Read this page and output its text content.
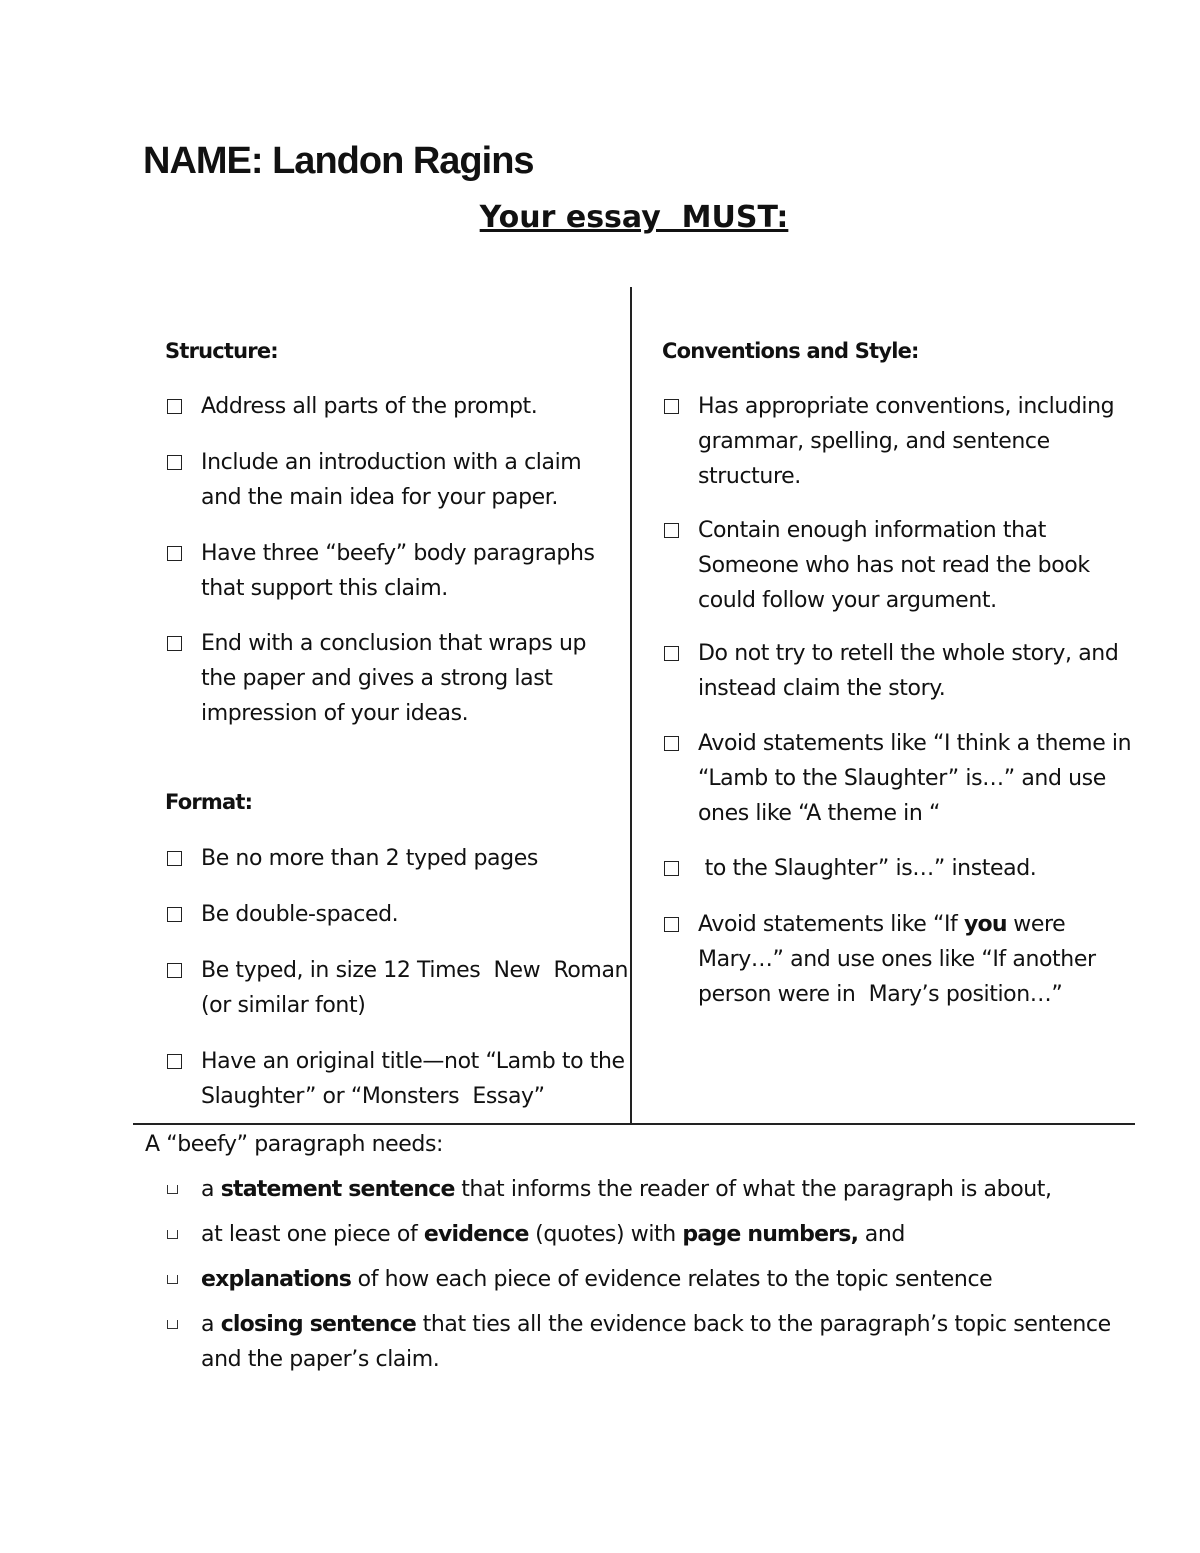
NAME: Landon Ragins
Your essay  MUST:
Structure:
Address all parts of the prompt.
Include an introduction with a claim
and the main idea for your paper.
Have three “beefy” body paragraphs
that support this claim.
End with a conclusion that wraps up
the paper and gives a strong last
impression of your ideas.
Format:
Be no more than 2 typed pages
Be double-spaced.
Be typed, in size 12 Times  New  Roman
(or similar font)
Have an original title—not “Lamb to the
Slaughter” or “Monsters  Essay”
Conventions and Style:
Has appropriate conventions, including
grammar, spelling, and sentence
structure.
Contain enough information that
Someone who has not read the book
could follow your argument.
Do not try to retell the whole story, and
instead claim the story.
Avoid statements like “I think a theme in
“Lamb to the Slaughter” is…” and use
ones like “A theme in “
to the Slaughter” is…” instead.
Avoid statements like “If you were
Mary…” and use ones like “If another
person were in  Mary’s position…”
A “beefy” paragraph needs:
a statement sentence that informs the reader of what the paragraph is about,
at least one piece of evidence (quotes) with page numbers, and
explanations of how each piece of evidence relates to the topic sentence
a closing sentence that ties all the evidence back to the paragraph’s topic sentence
and the paper’s claim.
